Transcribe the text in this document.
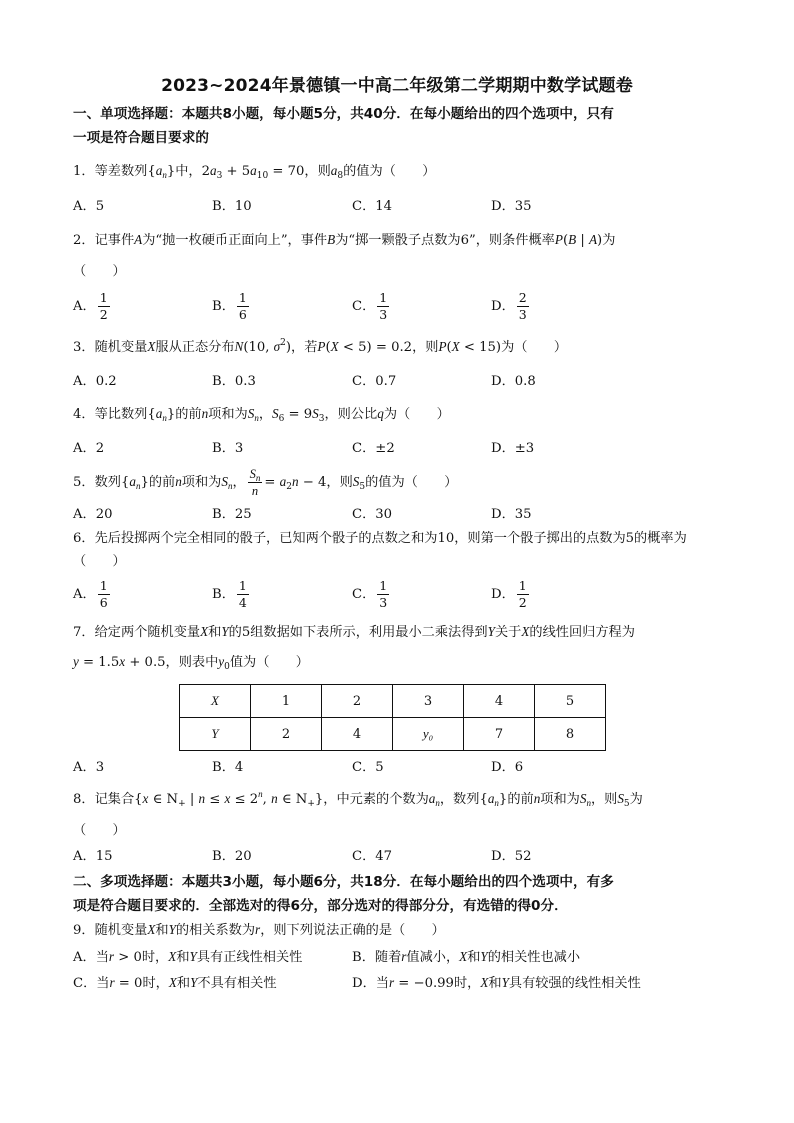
2023~2024年景德镇一中高二年级第二学期期中数学试题卷
一、单项选择题：本题共8小题，每小题5分，共40分．在每小题给出的四个选项中，只有
一项是符合题目要求的
1．等差数列$\{a_n\}$中，$2a_3 + 5a_{10} = 70$，则$a_8$的值为（　　）
A．5	B．10	C．14	D．35
2．记事件A为“抛一枚硬币正面向上”，事件B为“掷一颗骰子点数为6”，则条件概率P(B | A)为
（　　）
A． $\frac{1}{2}$	B． $\frac{1}{6}$	C． $\frac{1}{3}$	D． $\frac{2}{3}$
3．随机变量X服从正态分布N(10, $\sigma^2$)，若P(X < 5) = 0.2，则P(X < 15)为（　　）
A．0.2	B．0.3	C．0.7	D．0.8
4．等比数列$\{a_n\}$的前n项和为$S_n$，$S_6 = 9S_3$，则公比q为（　　）
A．2	B．3	C．±2	D．±3
5．数列$\{a_n\}$的前n项和为$S_n$， $\frac{S_n}{n} = a_2n - 4$，则$S_5$的值为（　　）
A．20	B．25	C．30	D．35
6．先后投掷两个完全相同的骰子，已知两个骰子的点数之和为10，则第一个骰子掷出的点数为5的概率为
（　　）
A． $\frac{1}{6}$	B． $\frac{1}{4}$	C． $\frac{1}{3}$	D． $\frac{1}{2}$
7．给定两个随机变量X和Y的5组数据如下表所示，利用最小二乘法得到Y关于X的线性回归方程为
y = 1.5x + 0.5，则表中$y_0$值为（　　）
X	1	2	3	4	5
Y	2	4	y₀	7	8
A．3	B．4	C．5	D．6
8．记集合{x ∈ $N_+$ | $n \le x \le 2^n$, n ∈ $N_+$}，中元素的个数为$a_n$，数列$\{a_n\}$的前n项和为$S_n$，则$S_5$为
（　　）
A．15	B．20	C．47	D．52
二、多项选择题：本题共3小题，每小题6分，共18分．在每小题给出的四个选项中，有多
项是符合题目要求的．全部选对的得6分，部分选对的得部分分，有选错的得0分．
9．随机变量X和Y的相关系数为r，则下列说法正确的是（　　）
A．当r > 0时，X和Y具有正线性相关性	B．随着r值减小，X和Y的相关性也减小
C．当r = 0时，X和Y不具有相关性	D．当r = −0.99时，X和Y具有较强的线性相关性
